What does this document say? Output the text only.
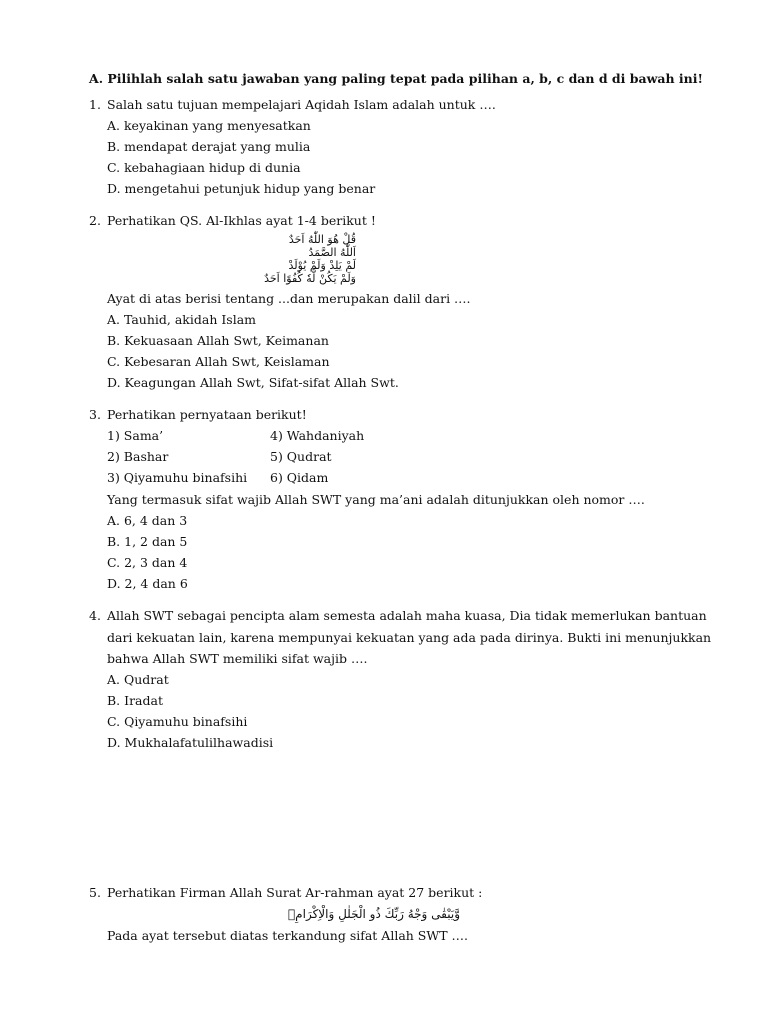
A. Pilihlah salah satu jawaban yang paling tepat pada pilihan a, b, c dan d di bawah ini!
1. Salah satu tujuan mempelajari Aqidah Islam adalah untuk ….
A. keyakinan yang menyesatkan
B. mendapat derajat yang mulia
C. kebahagiaan hidup di dunia
D. mengetahui petunjuk hidup yang benar
2. Perhatikan QS. Al-Ikhlas ayat 1-4 berikut !
قُلْ هُوَ اللّٰهُ اَحَدٌ
اَللّٰهُ الصَّمَدُ
لَمْ يَلِدْ وَلَمْ يُوْلَدْ
وَلَمْ يَكُنْ لَّهٗ كُفُوًا اَحَدٌ
Ayat di atas berisi tentang ...dan merupakan dalil dari ….
A. Tauhid, akidah Islam
B. Kekuasaan Allah Swt, Keimanan
C. Kebesaran Allah Swt, Keislaman
D. Keagungan Allah Swt, Sifat-sifat Allah Swt.
3. Perhatikan pernyataan berikut!
1) Sama’	4) Wahdaniyah
2) Bashar	5) Qudrat
3) Qiyamuhu binafsihi 6) Qidam
Yang termasuk sifat wajib Allah SWT yang ma’ani adalah ditunjukkan oleh nomor ….
A. 6, 4 dan 3
B. 1, 2 dan 5
C. 2, 3 dan 4
D. 2, 4 dan 6
4. Allah SWT sebagai pencipta alam semesta adalah maha kuasa, Dia tidak memerlukan bantuan
dari kekuatan lain, karena mempunyai kekuatan yang ada pada dirinya. Bukti ini menunjukkan
bahwa Allah SWT memiliki sifat wajib ….
A. Qudrat
B. Iradat
C. Qiyamuhu binafsihi
D. Mukhalafatulilhawadisi
5. Perhatikan Firman Allah Surat Ar-rahman ayat 27 berikut :
وَّيَبْقٰى وَجْهُ رَبِّكَ ذُو الْجَلٰلِ وَالْاِكْرَامِۚ
Pada ayat tersebut diatas terkandung sifat Allah SWT ….
